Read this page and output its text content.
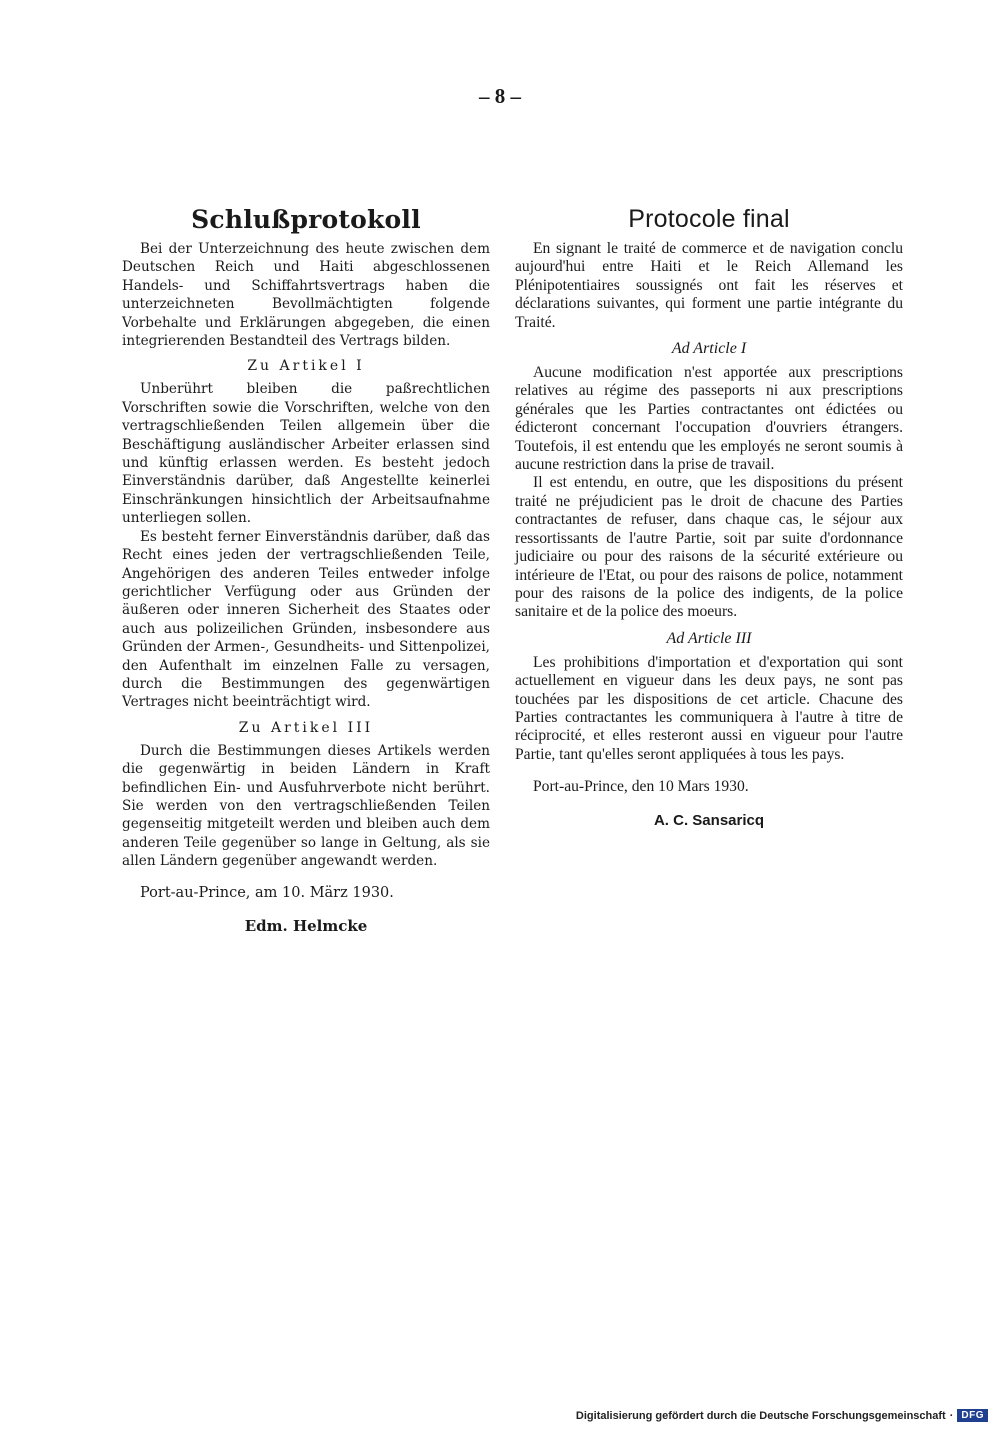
– 8 –
Schlußprotokoll

Bei der Unterzeichnung des heute zwischen dem Deutschen Reich und Haiti abgeschlossenen Handels- und Schiffahrtsvertrags haben die unterzeichneten Bevollmächtigten folgende Vorbehalte und Erklärungen abgegeben, die einen integrierenden Bestandteil des Vertrags bilden.

Zu Artikel I

Unberührt bleiben die paßrechtlichen Vorschriften sowie die Vorschriften, welche von den vertragschließenden Teilen allgemein über die Beschäftigung ausländischer Arbeiter erlassen sind und künftig erlassen werden. Es besteht jedoch Einverständnis darüber, daß Angestellte keinerlei Einschränkungen hinsichtlich der Arbeitsaufnahme unterliegen sollen.

Es besteht ferner Einverständnis darüber, daß das Recht eines jeden der vertragschließenden Teile, Angehörigen des anderen Teiles entweder infolge gerichtlicher Verfügung oder aus Gründen der äußeren oder inneren Sicherheit des Staates oder auch aus polizeilichen Gründen, insbesondere aus Gründen der Armen-, Gesundheits- und Sittenpolizei, den Aufenthalt im einzelnen Falle zu versagen, durch die Bestimmungen des gegenwärtigen Vertrages nicht beeinträchtigt wird.

Zu Artikel III

Durch die Bestimmungen dieses Artikels werden die gegenwärtig in beiden Ländern in Kraft befindlichen Ein- und Ausfuhrverbote nicht berührt. Sie werden von den vertragschließenden Teilen gegenseitig mitgeteilt werden und bleiben auch dem anderen Teile gegenüber so lange in Geltung, als sie allen Ländern gegenüber angewandt werden.

Port-au-Prince, am 10. März 1930.
Edm. Helmcke
Protocole final

En signant le traité de commerce et de navigation conclu aujourd'hui entre Haiti et le Reich Allemand les Plénipotentiaires soussignés ont fait les réserves et déclarations suivantes, qui forment une partie intégrante du Traité.

Ad Article I

Aucune modification n'est apportée aux prescriptions relatives au régime des passeports ni aux prescriptions générales que les Parties contractantes ont édictées ou édicteront concernant l'occupation d'ouvriers étrangers. Toutefois, il est entendu que les employés ne seront soumis à aucune restriction dans la prise de travail.

Il est entendu, en outre, que les dispositions du présent traité ne préjudicient pas le droit de chacune des Parties contractantes de refuser, dans chaque cas, le séjour aux ressortissants de l'autre Partie, soit par suite d'ordonnance judiciaire ou pour des raisons de la sécurité extérieure ou intérieure de l'Etat, ou pour des raisons de police, notamment pour des raisons de la police des indigents, de la police sanitaire et de la police des moeurs.

Ad Article III

Les prohibitions d'importation et d'exportation qui sont actuellement en vigueur dans les deux pays, ne sont pas touchées par les dispositions de cet article. Chacune des Parties contractantes les communiquera à l'autre à titre de réciprocité, et elles resteront aussi en vigueur pour l'autre Partie, tant qu'elles seront appliquées à tous les pays.

Port-au-Prince, den 10 Mars 1930.
A. C. Sansaricq
Digitalisierung gefördert durch die Deutsche Forschungsgemeinschaft · DFG
